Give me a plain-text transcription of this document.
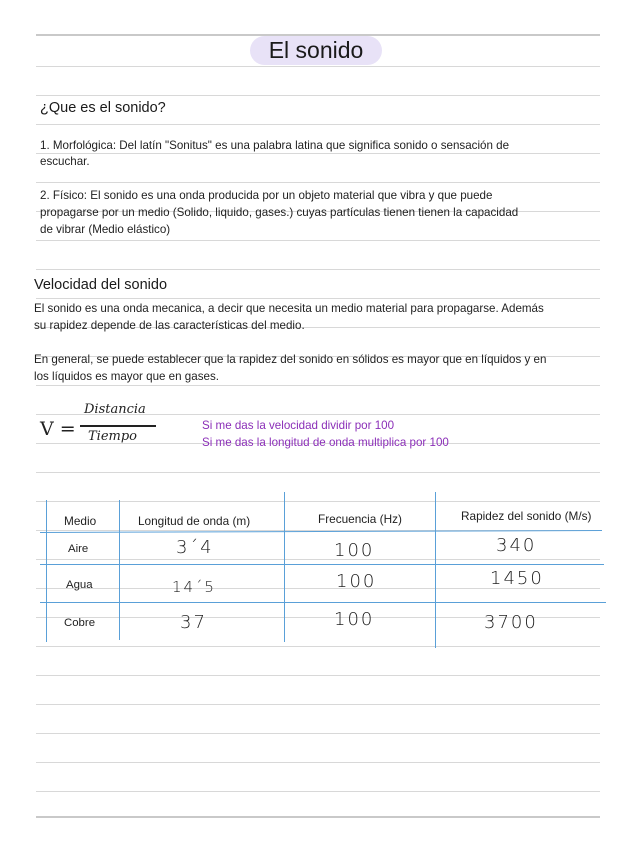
El sonido
¿Que es el sonido?
1. Morfológica: Del latín "Sonitus" es una palabra latina que significa sonido o sensación de
escuchar.
2. Físico: El sonido es una onda producida por un objeto material que vibra y que puede
propagarse por un medio (Solido, liquido, gases.) cuyas partículas tienen tienen la capacidad
de vibrar (Medio elástico)
Velocidad del sonido
El sonido es una onda mecanica, a decir que necesita un medio material para propagarse. Además
su rapidez depende de las características del medio.
En general, se puede establecer que la rapidez del sonido en sólidos es mayor que en líquidos y en
los líquidos es mayor que en gases.
V =
Distancia
Tiempo
Si me das la velocidad dividir por 100
Si me das la longitud de onda multiplica por 100
Medio	Longitud de onda (m)	Frecuencia (Hz)	Rapidez del sonido (M/s)
Aire	3´4	100	340
Agua	14´5	100	1450
Cobre	37	100	3700
